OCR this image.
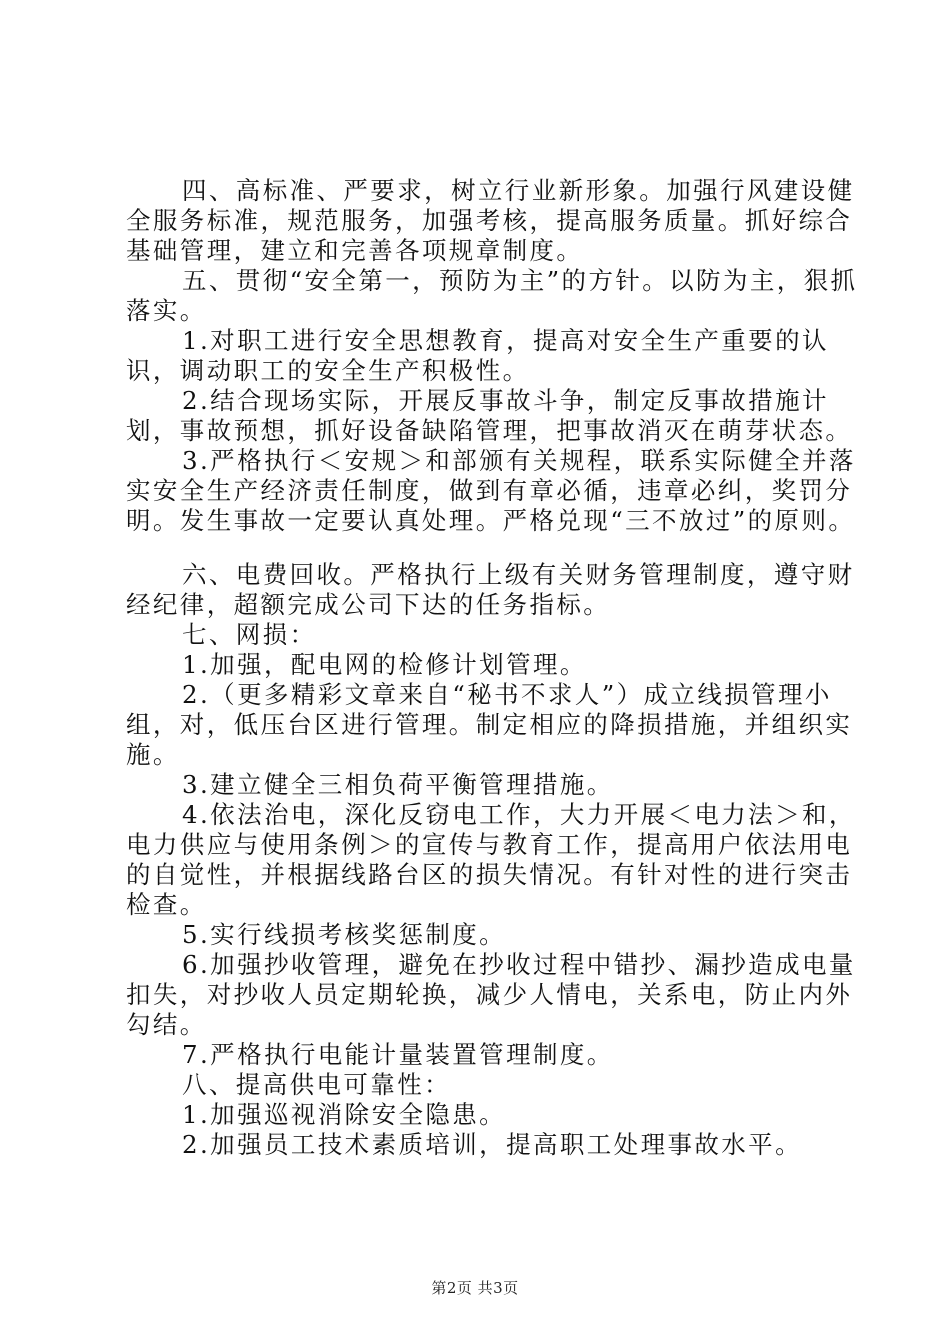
四、高标准、严要求，树立行业新形象。加强行风建设健全服务标准，规范服务，加强考核，提高服务质量。抓好综合基础管理，建立和完善各项规章制度。

五、贯彻“安全第一，预防为主”的方针。以防为主，狠抓落实。

1.对职工进行安全思想教育，提高对安全生产重要的认识，调动职工的安全生产积极性。

2.结合现场实际，开展反事故斗争，制定反事故措施计划，事故预想，抓好设备缺陷管理，把事故消灭在萌芽状态。

3.严格执行＜安规＞和部颁有关规程，联系实际健全并落实安全生产经济责任制度，做到有章必循，违章必纠，奖罚分明。发生事故一定要认真处理。严格兑现“三不放过”的原则。

六、电费回收。严格执行上级有关财务管理制度，遵守财经纪律，超额完成公司下达的任务指标。

七、网损：

1.加强，配电网的检修计划管理。

2.（更多精彩文章来自“秘书不求人”）成立线损管理小组，对，低压台区进行管理。制定相应的降损措施，并组织实施。

3.建立健全三相负荷平衡管理措施。

4.依法治电，深化反窃电工作，大力开展＜电力法＞和，电力供应与使用条例＞的宣传与教育工作，提高用户依法用电的自觉性，并根据线路台区的损失情况。有针对性的进行突击检查。

5.实行线损考核奖惩制度。

6.加强抄收管理，避免在抄收过程中错抄、漏抄造成电量扣失，对抄收人员定期轮换，减少人情电，关系电，防止内外勾结。

7.严格执行电能计量装置管理制度。

八、提高供电可靠性：

1.加强巡视消除安全隐患。

2.加强员工技术素质培训，提高职工处理事故水平。

第2页 共3页
